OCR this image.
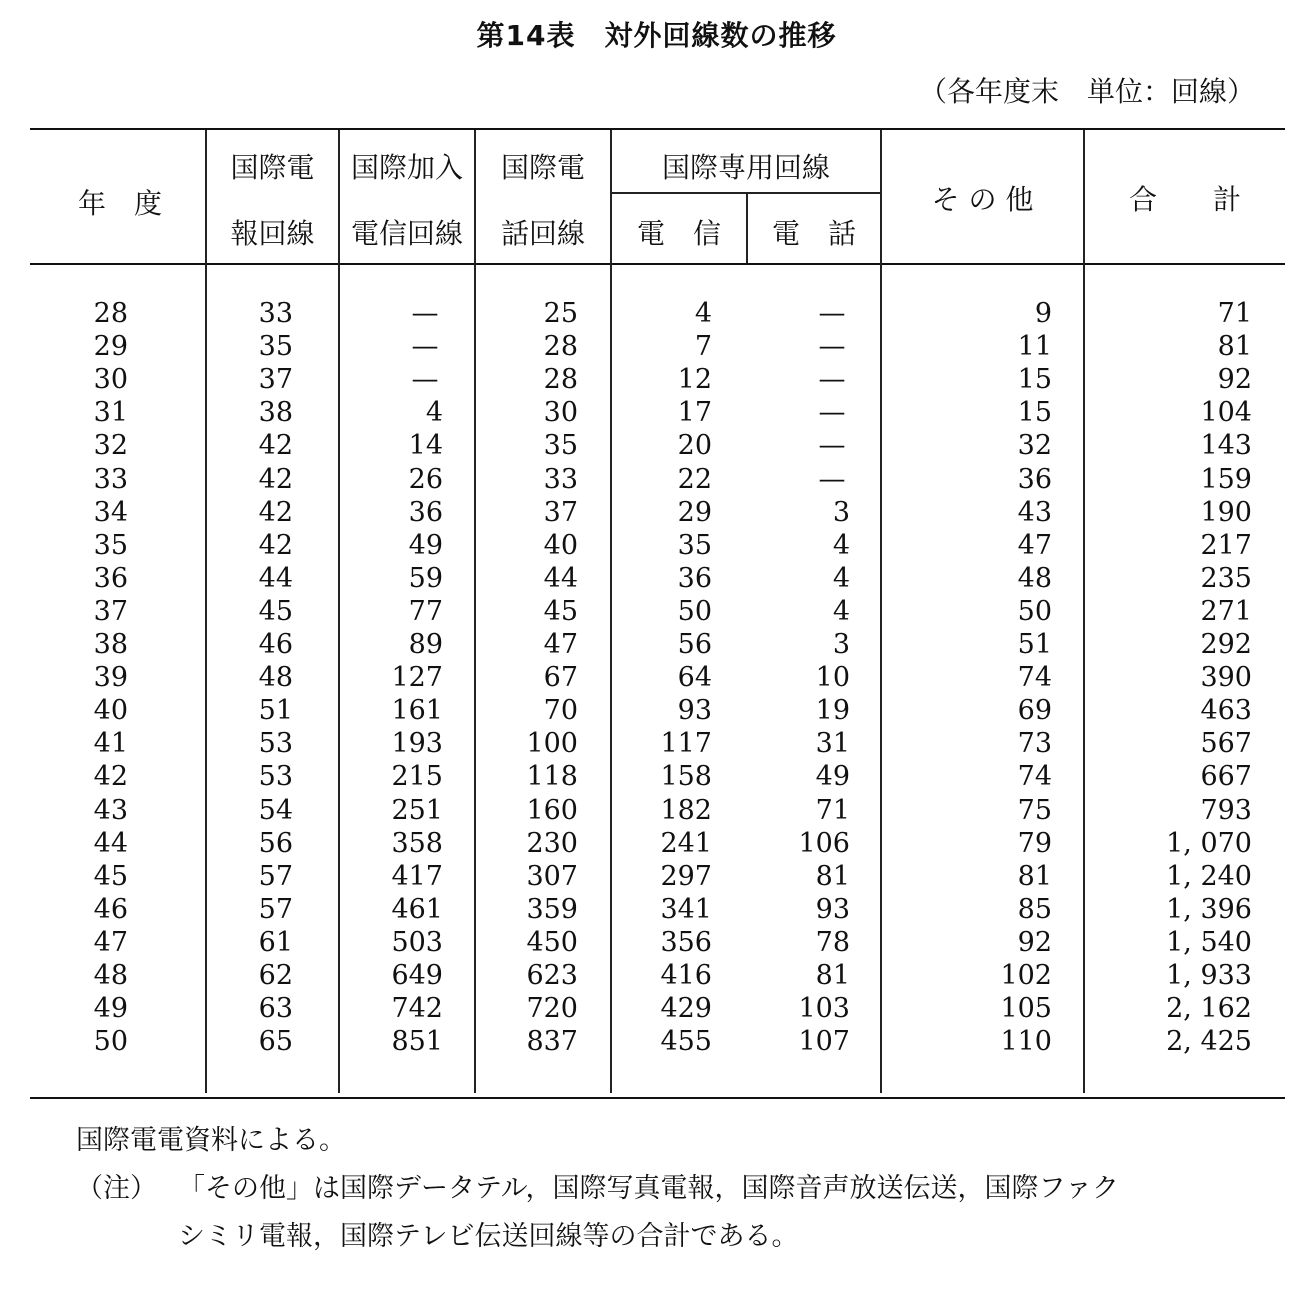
第14表　対外回線数の推移
（各年度末　単位：回線）
年　度
国際電
報回線
国際加入
電信回線
国際電
話回線
国際専用回線
電　信	電　話
そ の 他	合　　計
28	33	—	25	4	—	9	71
29	35	—	28	7	—	11	81
30	37	—	28	12	—	15	92
31	38	4	30	17	—	15	104
32	42	14	35	20	—	32	143
33	42	26	33	22	—	36	159
34	42	36	37	29	3	43	190
35	42	49	40	35	4	47	217
36	44	59	44	36	4	48	235
37	45	77	45	50	4	50	271
38	46	89	47	56	3	51	292
39	48	127	67	64	10	74	390
40	51	161	70	93	19	69	463
41	53	193	100	117	31	73	567
42	53	215	118	158	49	74	667
43	54	251	160	182	71	75	793
44	56	358	230	241	106	79	1, 070
45	57	417	307	297	81	81	1, 240
46	57	461	359	341	93	85	1, 396
47	61	503	450	356	78	92	1, 540
48	62	649	623	416	81	102	1, 933
49	63	742	720	429	103	105	2, 162
50	65	851	837	455	107	110	2, 425
国際電電資料による。
（注） 「その他」は国際データテル，国際写真電報，国際音声放送伝送，国際ファク
シミリ電報，国際テレビ伝送回線等の合計である。
